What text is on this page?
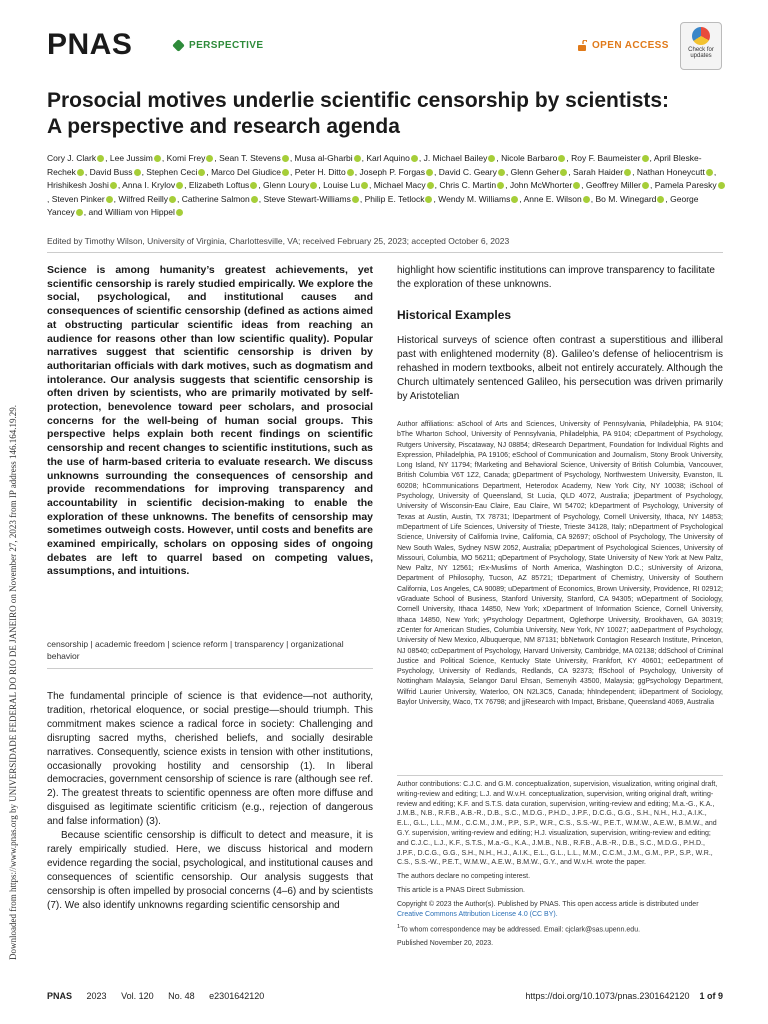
PNAS	PERSPECTIVE	OPEN ACCESS	Check for updates
Prosocial motives underlie scientific censorship by scientists: A perspective and research agenda
Cory J. Clark , Lee Jussim , Komi Frey , Sean T. Stevens , Musa al-Gharbi , Karl Aquino , J. Michael Bailey , Nicole Barbaro , Roy F. Baumeister , April Bleske-Rechek , David Buss , Stephen Ceci , Marco Del Giudice , Peter H. Ditto , Joseph P. Forgas , David C. Geary , Glenn Geher , Sarah Haider , Nathan Honeycutt , Hrishikesh Joshi , Anna I. Krylov , Elizabeth Loftus , Glenn Loury , Louise Lu , Michael Macy , Chris C. Martin , John McWhorter , Geoffrey Miller , Pamela Paresky, Steven Pinker , Wilfred Reilly , Catherine Salmon , Steve Stewart-Williams , Philip E. Tetlock , Wendy M. Williams , Anne E. Wilson , Bo M. Winegard , George Yancey , and William von Hippel
Edited by Timothy Wilson, University of Virginia, Charlottesville, VA; received February 25, 2023; accepted October 6, 2023
Science is among humanity’s greatest achievements, yet scientific censorship is rarely studied empirically. We explore the social, psychological, and institutional causes and consequences of scientific censorship (defined as actions aimed at obstructing particular scientific ideas from reaching an audience for reasons other than low scientific quality). Popular narratives suggest that scientific censorship is driven by authoritarian officials with dark motives, such as dogmatism and intolerance. Our analysis suggests that scientific censorship is often driven by scientists, who are primarily motivated by self-protection, benevolence toward peer scholars, and prosocial concerns for the well-being of human social groups. This perspective helps explain both recent findings on scientific censorship and recent changes to scientific institutions, such as the use of harm-based criteria to evaluate research. We discuss unknowns surrounding the consequences of censorship and provide recommendations for improving transparency and accountability in scientific decision-making to enable the exploration of these unknowns. The benefits of censorship may sometimes outweigh costs. However, until costs and benefits are examined empirically, scholars on opposing sides of ongoing debates are left to quarrel based on competing values, assumptions, and intuitions.
censorship | academic freedom | science reform | transparency | organizational behavior

The fundamental principle of science is that evidence—not authority, tradition, rhetorical eloquence, or social prestige—should triumph. This commitment makes science a radical force in society: Challenging and disrupting sacred myths, cherished beliefs, and socially desirable narratives. Consequently, science exists in tension with other institutions, occasionally provoking hostility and censorship (1). In liberal democracies, government censorship of science is rare (although see ref. 2). The greatest threats to scientific openness are often more diffuse and disguised as legitimate scientific criticism (e.g., rejection of dangerous and false information) (3).

Because scientific censorship is difficult to detect and measure, it is rarely empirically studied. Here, we discuss historical and modern evidence regarding the social, psychological, and institutional causes and consequences of scientific censorship. Our analysis suggests that censorship is often impelled by prosocial concerns (4–6) and by scientists (7). We also identify unknowns regarding scientific censorship and

highlight how scientific institutions can improve transparency to facilitate the exploration of these unknowns.
Historical Examples
Historical surveys of science often contrast a superstitious and illiberal past with enlightened modernity (8). Galileo’s defense of heliocentrism is rehashed in modern textbooks, albeit not entirely accurately. Although the Church ultimately sentenced Galileo, his persecution was driven primarily by Aristotelian
Author affiliations: aSchool of Arts and Sciences, University of Pennsylvania, Philadelphia, PA 9104; bThe Wharton School, University of Pennsylvania, Philadelphia, PA 9104; cDepartment of Psychology, Rutgers University, Piscataway, NJ 08854; dResearch Department, Foundation for Individual Rights and Expression, Philadelphia, PA 19106; eSchool of Communication and Journalism, Stony Brook University, Long Island, NY 11794; fMarketing and Behavioral Science, University of British Columbia, Vancouver, British Columbia V6T 1Z2, Canada; gDepartment of Psychology, Northwestern University, Evanston, IL 60208; hCommunications Department, Heterodox Academy, New York City, NY 10038; iSchool of Psychology, University of Queensland, St Lucia, QLD 4072, Australia; jDepartment of Psychology, University of Wisconsin-Eau Claire, Eau Claire, WI 54702; kDepartment of Psychology, University of Texas at Austin, Austin, TX 78731; lDepartment of Psychology, Cornell University, Ithaca, NY 14853; mDepartment of Life Sciences, University of Trieste, Trieste 34128, Italy; nDepartment of Psychological Science, University of California Irvine, California, CA 92697; oSchool of Psychology, The University of New South Wales, Sydney NSW 2052, Australia; pDepartment of Psychological Sciences, University of Missouri, Columbia, MO 56211; qDepartment of Psychology, State University of New York at New Paltz, New Paltz, NY 12561; rEx-Muslims of North America, Washington D.C.; sUniversity of Arizona, Department of Philosophy, Tucson, AZ 85721; tDepartment of Chemistry, University of Southern California, Los Angeles, CA 90089; uDepartment of Economics, Brown University, Providence, RI 02912; vGraduate School of Business, Stanford University, Stanford, CA 94305; wDepartment of Sociology, Cornell University, Ithaca 14850, New York; xDepartment of Information Science, Cornell University, Ithaca 14850, New York; yPsychology Department, Oglethorpe University, Brookhaven, GA 30319; zCenter for American Studies, Columbia University, New York, NY 10027; aaDepartment of Psychology, University of New Mexico, Albuquerque, NM 87131; bbNetwork Contagion Research Institute, Princeton, NJ 08540; ccDepartment of Psychology, Harvard University, Cambridge, MA 02138; ddSchool of Criminal Justice and Political Science, Kentucky State University, Frankfort, KY 40601; eeDepartment of Psychology, University of Redlands, Redlands, CA 92373; ffSchool of Psychology, University of Nottingham Malaysia, Selangor Darul Ehsan, Semenyih 43500, Malaysia; ggPsychology Department, Wilfrid Laurier University, Waterloo, ON N2L3C5, Canada; hhIndependent; iiDepartment of Sociology, Baylor University, Waco, TX 76798; and jjResearch with Impact, Brisbane, Queensland 4069, Australia

Author contributions: C.J.C. and G.M. conceptualization, supervision, visualization, writing original draft, writing-review and editing; L.J. and W.v.H. conceptualization, supervision, writing original draft, writing-review and editing; K.F. and S.T.S. data curation, supervision, writing-review and editing; M.a.-G., K.A., J.M.B., N.B., R.F.B., A.B.-R., D.B., S.C., M.D.G., P.H.D., J.P.F., D.C.G., G.G., S.H., N.H., H.J., A.I.K., E.L., G.L., L.L., M.M., C.C.M., J.M., P.P., S.P., W.R., C.S., S.S.-W., P.E.T., W.M.W., A.E.W., B.M.W., and G.Y. supervision, writing-review and editing; H.J. visualization, supervision, writing-review and editing; and C.J.C., L.J., K.F., S.T.S., M.a.-G., K.A., J.M.B., N.B., R.F.B., A.B.-R., D.B., S.C., M.D.G., P.H.D., J.P.F., D.C.G., G.G., S.H., N.H., H.J., A.I.K., E.L., G.L., L.L., M.M., C.C.M., J.M., G.M., P.P., S.P., W.R., C.S., S.S.-W., P.E.T., W.M.W., A.E.W., B.M.W., G.Y., and W.v.H. wrote the paper.

The authors declare no competing interest.

This article is a PNAS Direct Submission.

Copyright © 2023 the Author(s). Published by PNAS. This open access article is distributed under Creative Commons Attribution License 4.0 (CC BY).

$^1$To whom correspondence may be addressed. Email: cjclark@sas.upenn.edu.

Published November 20, 2023.

Downloaded from https://www.pnas.org by UNIVERSIDADE FEDERAL DO RIO DE JANEIRO on November 27, 2023 from IP address 146.164.19.29.
PNAS 2023 Vol. 120 No. 48 e2301642120	https://doi.org/10.1073/pnas.2301642120 1 of 9
